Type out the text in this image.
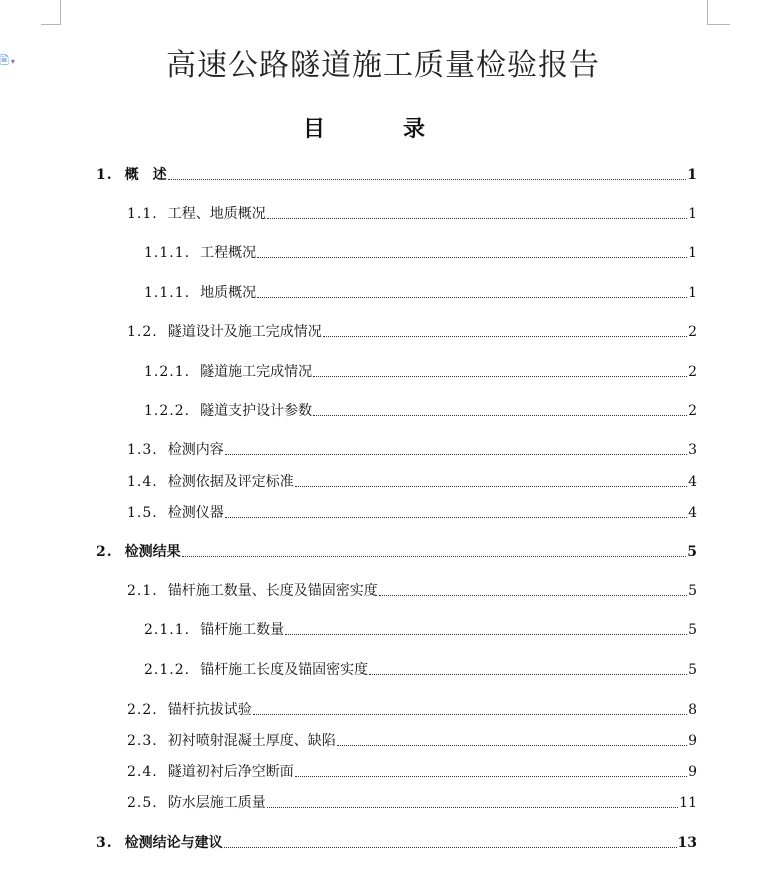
🖹 ▾	高速公路隧道施工质量检验报告
目　录
1. 概　述	1
1.1. 工程、地质概况	1
1.1.1. 工程概况	1
1.1.1. 地质概况	1
1.2. 隧道设计及施工完成情况	2
1.2.1. 隧道施工完成情况	2
1.2.2. 隧道支护设计参数	2
1.3. 检测内容	3
1.4. 检测依据及评定标准	4
1.5. 检测仪器	4
2. 检测结果	5
2.1. 锚杆施工数量、长度及锚固密实度	5
2.1.1. 锚杆施工数量	5
2.1.2. 锚杆施工长度及锚固密实度	5
2.2. 锚杆抗拔试验	8
2.3. 初衬喷射混凝土厚度、缺陷	9
2.4. 隧道初衬后净空断面	9
2.5. 防水层施工质量	11
3. 检测结论与建议	13
